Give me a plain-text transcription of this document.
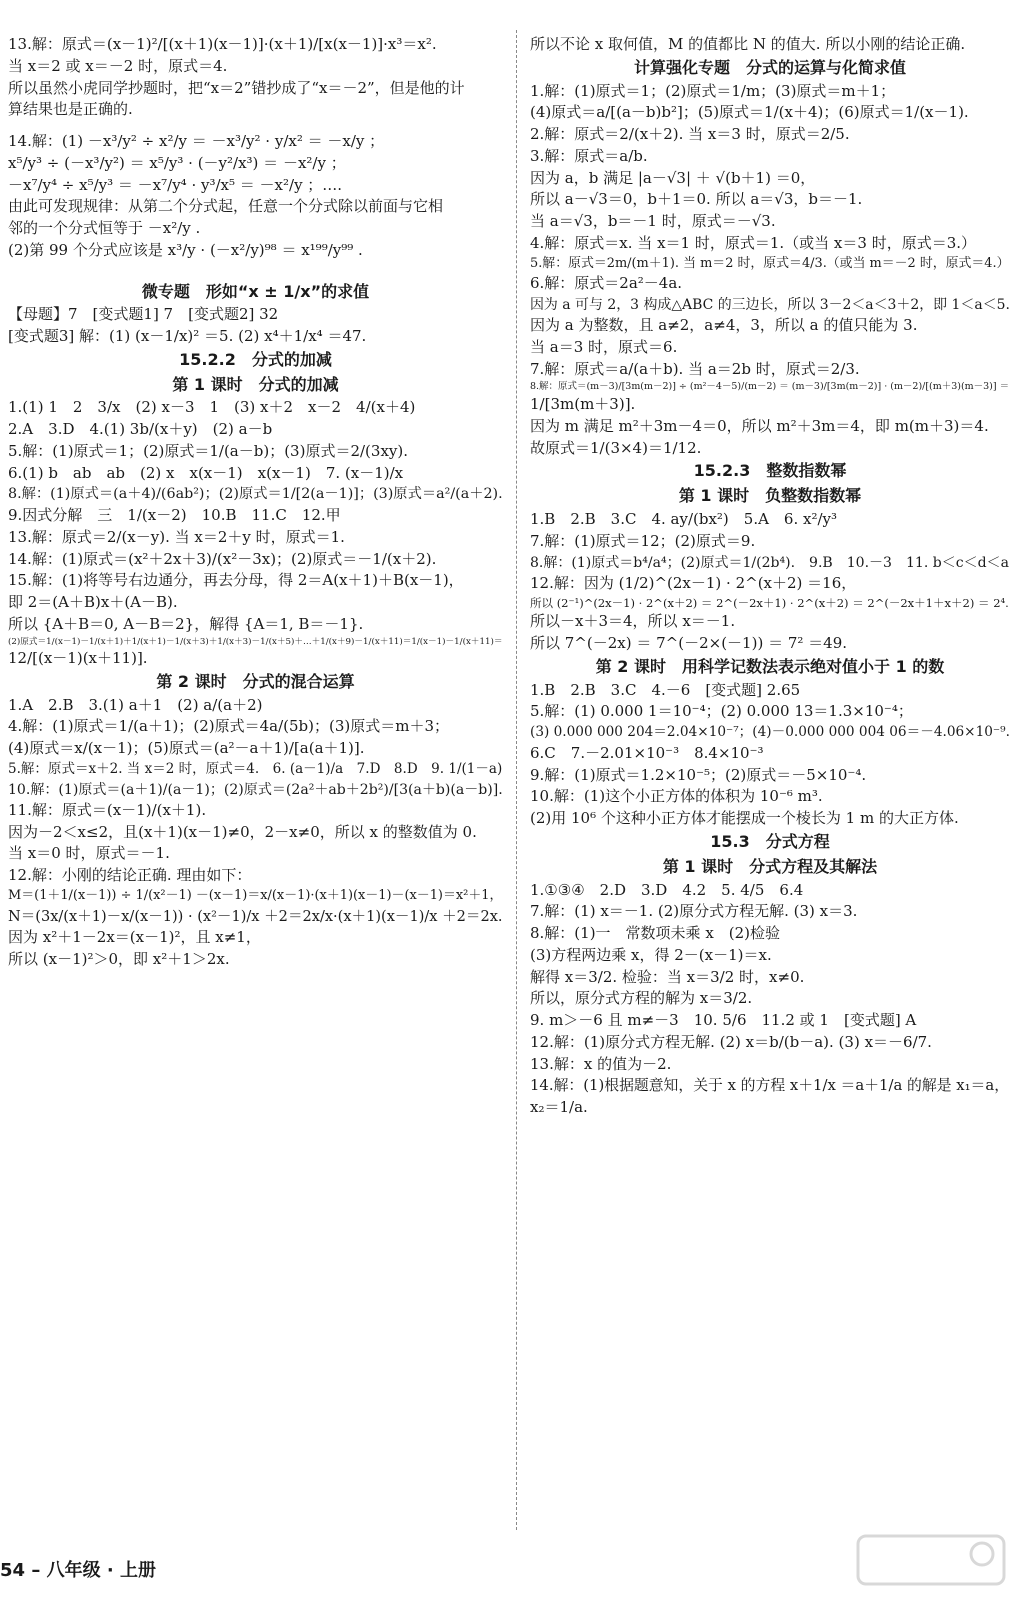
13.解：原式＝(x－1)²/[(x＋1)(x－1)]·(x＋1)/[x(x－1)]·x³＝x².
当 x＝2 或 x＝－2 时，原式＝4.
所以虽然小虎同学抄题时，把“x＝2”错抄成了“x＝－2”，但是他的计
算结果也是正确的.
14.解：(1) －x³/y² ÷ x²/y ＝ －x³/y² · y/x² ＝ －x/y ；
x⁵/y³ ÷ (－x³/y²) ＝ x⁵/y³ · (－y²/x³) ＝ －x²/y ；
－x⁷/y⁴ ÷ x⁵/y³ ＝ －x⁷/y⁴ · y³/x⁵ ＝ －x²/y ；….
由此可发现规律：从第二个分式起，任意一个分式除以前面与它相
邻的一个分式恒等于 －x²/y .
(2)第 99 个分式应该是 x³/y · (－x²/y)⁹⁸ ＝ x¹⁹⁹/y⁹⁹ .
微专题　形如“x ± 1/x”的求值
【母题】7　[变式题1] 7　[变式题2] 32
[变式题3] 解：(1) (x－1/x)² ＝5. (2) x⁴＋1/x⁴ ＝47.
15.2.2　分式的加减
第 1 课时　分式的加减
1.(1) 1　2　3/x　(2) x－3　1　(3) x＋2　x－2　4/(x＋4)
2.A　3.D　4.(1) 3b/(x＋y)　(2) a－b
5.解：(1)原式＝1；(2)原式＝1/(a－b)；(3)原式＝2/(3xy).
6.(1) b　ab　ab　(2) x　x(x－1)　x(x－1)　7. (x－1)/x
8.解：(1)原式＝(a＋4)/(6ab²)；(2)原式＝1/[2(a－1)]；(3)原式＝a²/(a＋2).
9.因式分解　三　1/(x－2)　10.B　11.C　12.甲
13.解：原式＝2/(x－y). 当 x＝2＋y 时，原式＝1.
14.解：(1)原式＝(x²＋2x＋3)/(x²－3x)；(2)原式＝－1/(x＋2).
15.解：(1)将等号右边通分，再去分母，得 2＝A(x＋1)＋B(x－1)，
即 2＝(A＋B)x＋(A－B).
所以 {A＋B＝0, A－B＝2}，解得 {A＝1, B＝－1}.
(2)原式＝1/(x－1)－1/(x＋1)＋1/(x＋1)－1/(x＋3)＋1/(x＋3)－1/(x＋5)＋…＋1/(x＋9)－1/(x＋11)＝1/(x－1)－1/(x＋11)＝
12/[(x－1)(x＋11)].
第 2 课时　分式的混合运算
1.A　2.B　3.(1) a＋1　(2) a/(a＋2)
4.解：(1)原式＝1/(a＋1)；(2)原式＝4a/(5b)；(3)原式＝m＋3；
(4)原式＝x/(x－1)；(5)原式＝(a²－a＋1)/[a(a＋1)].
5.解：原式＝x＋2. 当 x＝2 时，原式＝4.　6. (a－1)/a　7.D　8.D　9. 1/(1－a)
10.解：(1)原式＝(a＋1)/(a－1)；(2)原式＝(2a²＋ab＋2b²)/[3(a＋b)(a－b)].
11.解：原式＝(x－1)/(x＋1).
因为－2＜x≤2，且(x＋1)(x－1)≠0，2－x≠0，所以 x 的整数值为 0.
当 x＝0 时，原式＝－1.
12.解：小刚的结论正确. 理由如下：
M＝(1＋1/(x－1)) ÷ 1/(x²－1) －(x－1)＝x/(x－1)·(x＋1)(x－1)－(x－1)＝x²＋1，
N＝(3x/(x＋1)－x/(x－1)) · (x²－1)/x ＋2＝2x/x·(x＋1)(x－1)/x ＋2＝2x.
因为 x²＋1－2x＝(x－1)²，且 x≠1，
所以 (x－1)²＞0，即 x²＋1＞2x.
所以不论 x 取何值，M 的值都比 N 的值大. 所以小刚的结论正确.
计算强化专题　分式的运算与化简求值
1.解：(1)原式＝1；(2)原式＝1/m；(3)原式＝m＋1；
(4)原式＝a/[(a－b)b²]；(5)原式＝1/(x＋4)；(6)原式＝1/(x－1).
2.解：原式＝2/(x＋2). 当 x＝3 时，原式＝2/5.
3.解：原式＝a/b.
因为 a，b 满足 |a－√3| ＋ √(b＋1) ＝0，
所以 a－√3＝0，b＋1＝0. 所以 a＝√3，b＝－1.
当 a＝√3，b＝－1 时，原式＝－√3.
4.解：原式＝x. 当 x＝1 时，原式＝1.（或当 x＝3 时，原式＝3.）
5.解：原式＝2m/(m＋1). 当 m＝2 时，原式＝4/3.（或当 m＝－2 时，原式＝4.）
6.解：原式＝2a²－4a.
因为 a 可与 2，3 构成△ABC 的三边长，所以 3－2＜a＜3＋2，即 1＜a＜5.
因为 a 为整数，且 a≠2，a≠4，3，所以 a 的值只能为 3.
当 a＝3 时，原式＝6.
7.解：原式＝a/(a＋b). 当 a＝2b 时，原式＝2/3.
8.解：原式＝(m－3)/[3m(m－2)] ÷ (m²－4－5)/(m－2) ＝ (m－3)/[3m(m－2)] · (m－2)/[(m＋3)(m－3)] ＝
1/[3m(m＋3)].
因为 m 满足 m²＋3m－4＝0，所以 m²＋3m＝4，即 m(m＋3)＝4.
故原式＝1/(3×4)＝1/12.
15.2.3　整数指数幂
第 1 课时　负整数指数幂
1.B　2.B　3.C　4. ay/(bx²)　5.A　6. x²/y³
7.解：(1)原式＝12；(2)原式＝9.
8.解：(1)原式＝b⁴/a⁴；(2)原式＝1/(2b⁴).　9.B　10.－3　11. b＜c＜d＜a
12.解：因为 (1/2)^(2x－1) · 2^(x＋2) ＝16，
所以 (2⁻¹)^(2x－1) · 2^(x＋2) ＝ 2^(－2x＋1) · 2^(x＋2) ＝ 2^(－2x＋1＋x＋2) ＝ 2⁴.
所以－x＋3＝4，所以 x＝－1.
所以 7^(－2x) ＝ 7^(－2×(－1)) ＝ 7² ＝49.
第 2 课时　用科学记数法表示绝对值小于 1 的数
1.B　2.B　3.C　4.－6　[变式题] 2.65
5.解：(1) 0.000 1＝10⁻⁴；(2) 0.000 13＝1.3×10⁻⁴；
(3) 0.000 000 204＝2.04×10⁻⁷；(4)－0.000 000 004 06＝－4.06×10⁻⁹.
6.C　7.－2.01×10⁻³　8.4×10⁻³
9.解：(1)原式＝1.2×10⁻⁵；(2)原式＝－5×10⁻⁴.
10.解：(1)这个小正方体的体积为 10⁻⁶ m³.
(2)用 10⁶ 个这种小正方体才能摆成一个棱长为 1 m 的大正方体.
15.3　分式方程
第 1 课时　分式方程及其解法
1.①③④　2.D　3.D　4.2　5. 4/5　6.4
7.解：(1) x＝－1. (2)原分式方程无解. (3) x＝3.
8.解：(1)一　常数项未乘 x　(2)检验
(3)方程两边乘 x，得 2－(x－1)＝x.
解得 x＝3/2. 检验：当 x＝3/2 时，x≠0.
所以，原分式方程的解为 x＝3/2.
9. m＞－6 且 m≠－3　10. 5/6　11.2 或 1　[变式题] A
12.解：(1)原分式方程无解. (2) x＝b/(b－a). (3) x＝－6/7.
13.解：x 的值为－2.
14.解：(1)根据题意知，关于 x 的方程 x＋1/x ＝a＋1/a 的解是 x₁＝a，
x₂＝1/a.
54 – 八年级 · 上册
